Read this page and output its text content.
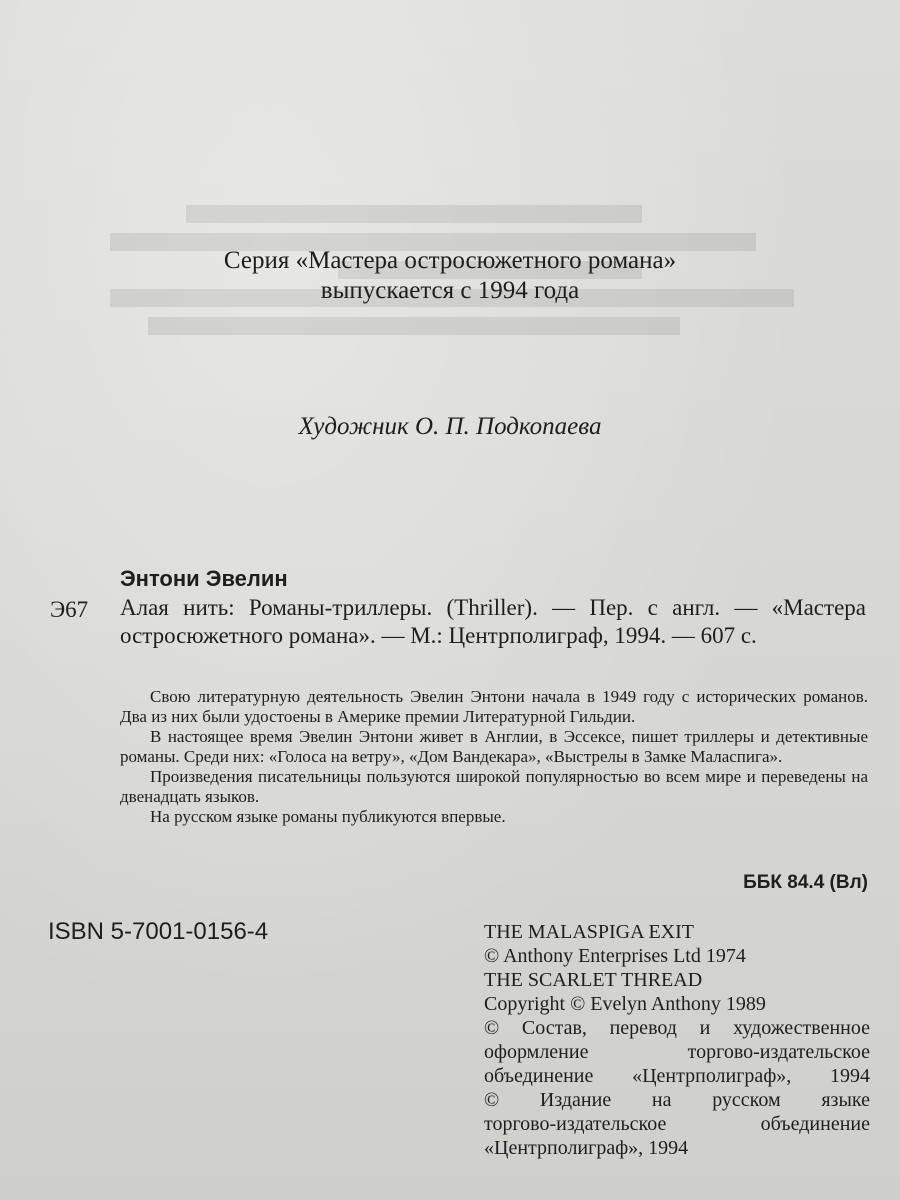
Серия «Мастера остросюжетного романа»
выпускается с 1994 года
Художник О. П. Подкопаева
Энтони Эвелин
Э67 Алая нить: Романы-триллеры. (Thriller). — Пер. с англ. — «Мастера остросюжетного романа». — М.: Центрполиграф, 1994. — 607 с.

Свою литературную деятельность Эвелин Энтони начала в 1949 году с исторических романов. Два из них были удостоены в Америке премии Литературной Гильдии.

В настоящее время Эвелин Энтони живет в Англии, в Эссексе, пишет триллеры и детективные романы. Среди них: «Голоса на ветру», «Дом Вандекара», «Выстрелы в Замке Маласпига».

Произведения писательницы пользуются широкой популярностью во всем мире и переведены на двенадцать языков.

На русском языке романы публикуются впервые.

ББК 84.4 (Вл)
ISBN 5-7001-0156-4	THE MALASPIGA EXIT
© Anthony Enterprises Ltd 1974
THE SCARLET THREAD
Copyright © Evelyn Anthony 1989
© Состав, перевод и художественное
оформление торгово-издательское
объединение «Центрполиграф», 1994
© Издание на русском языке
торгово-издательское объединение
«Центрполиграф», 1994
